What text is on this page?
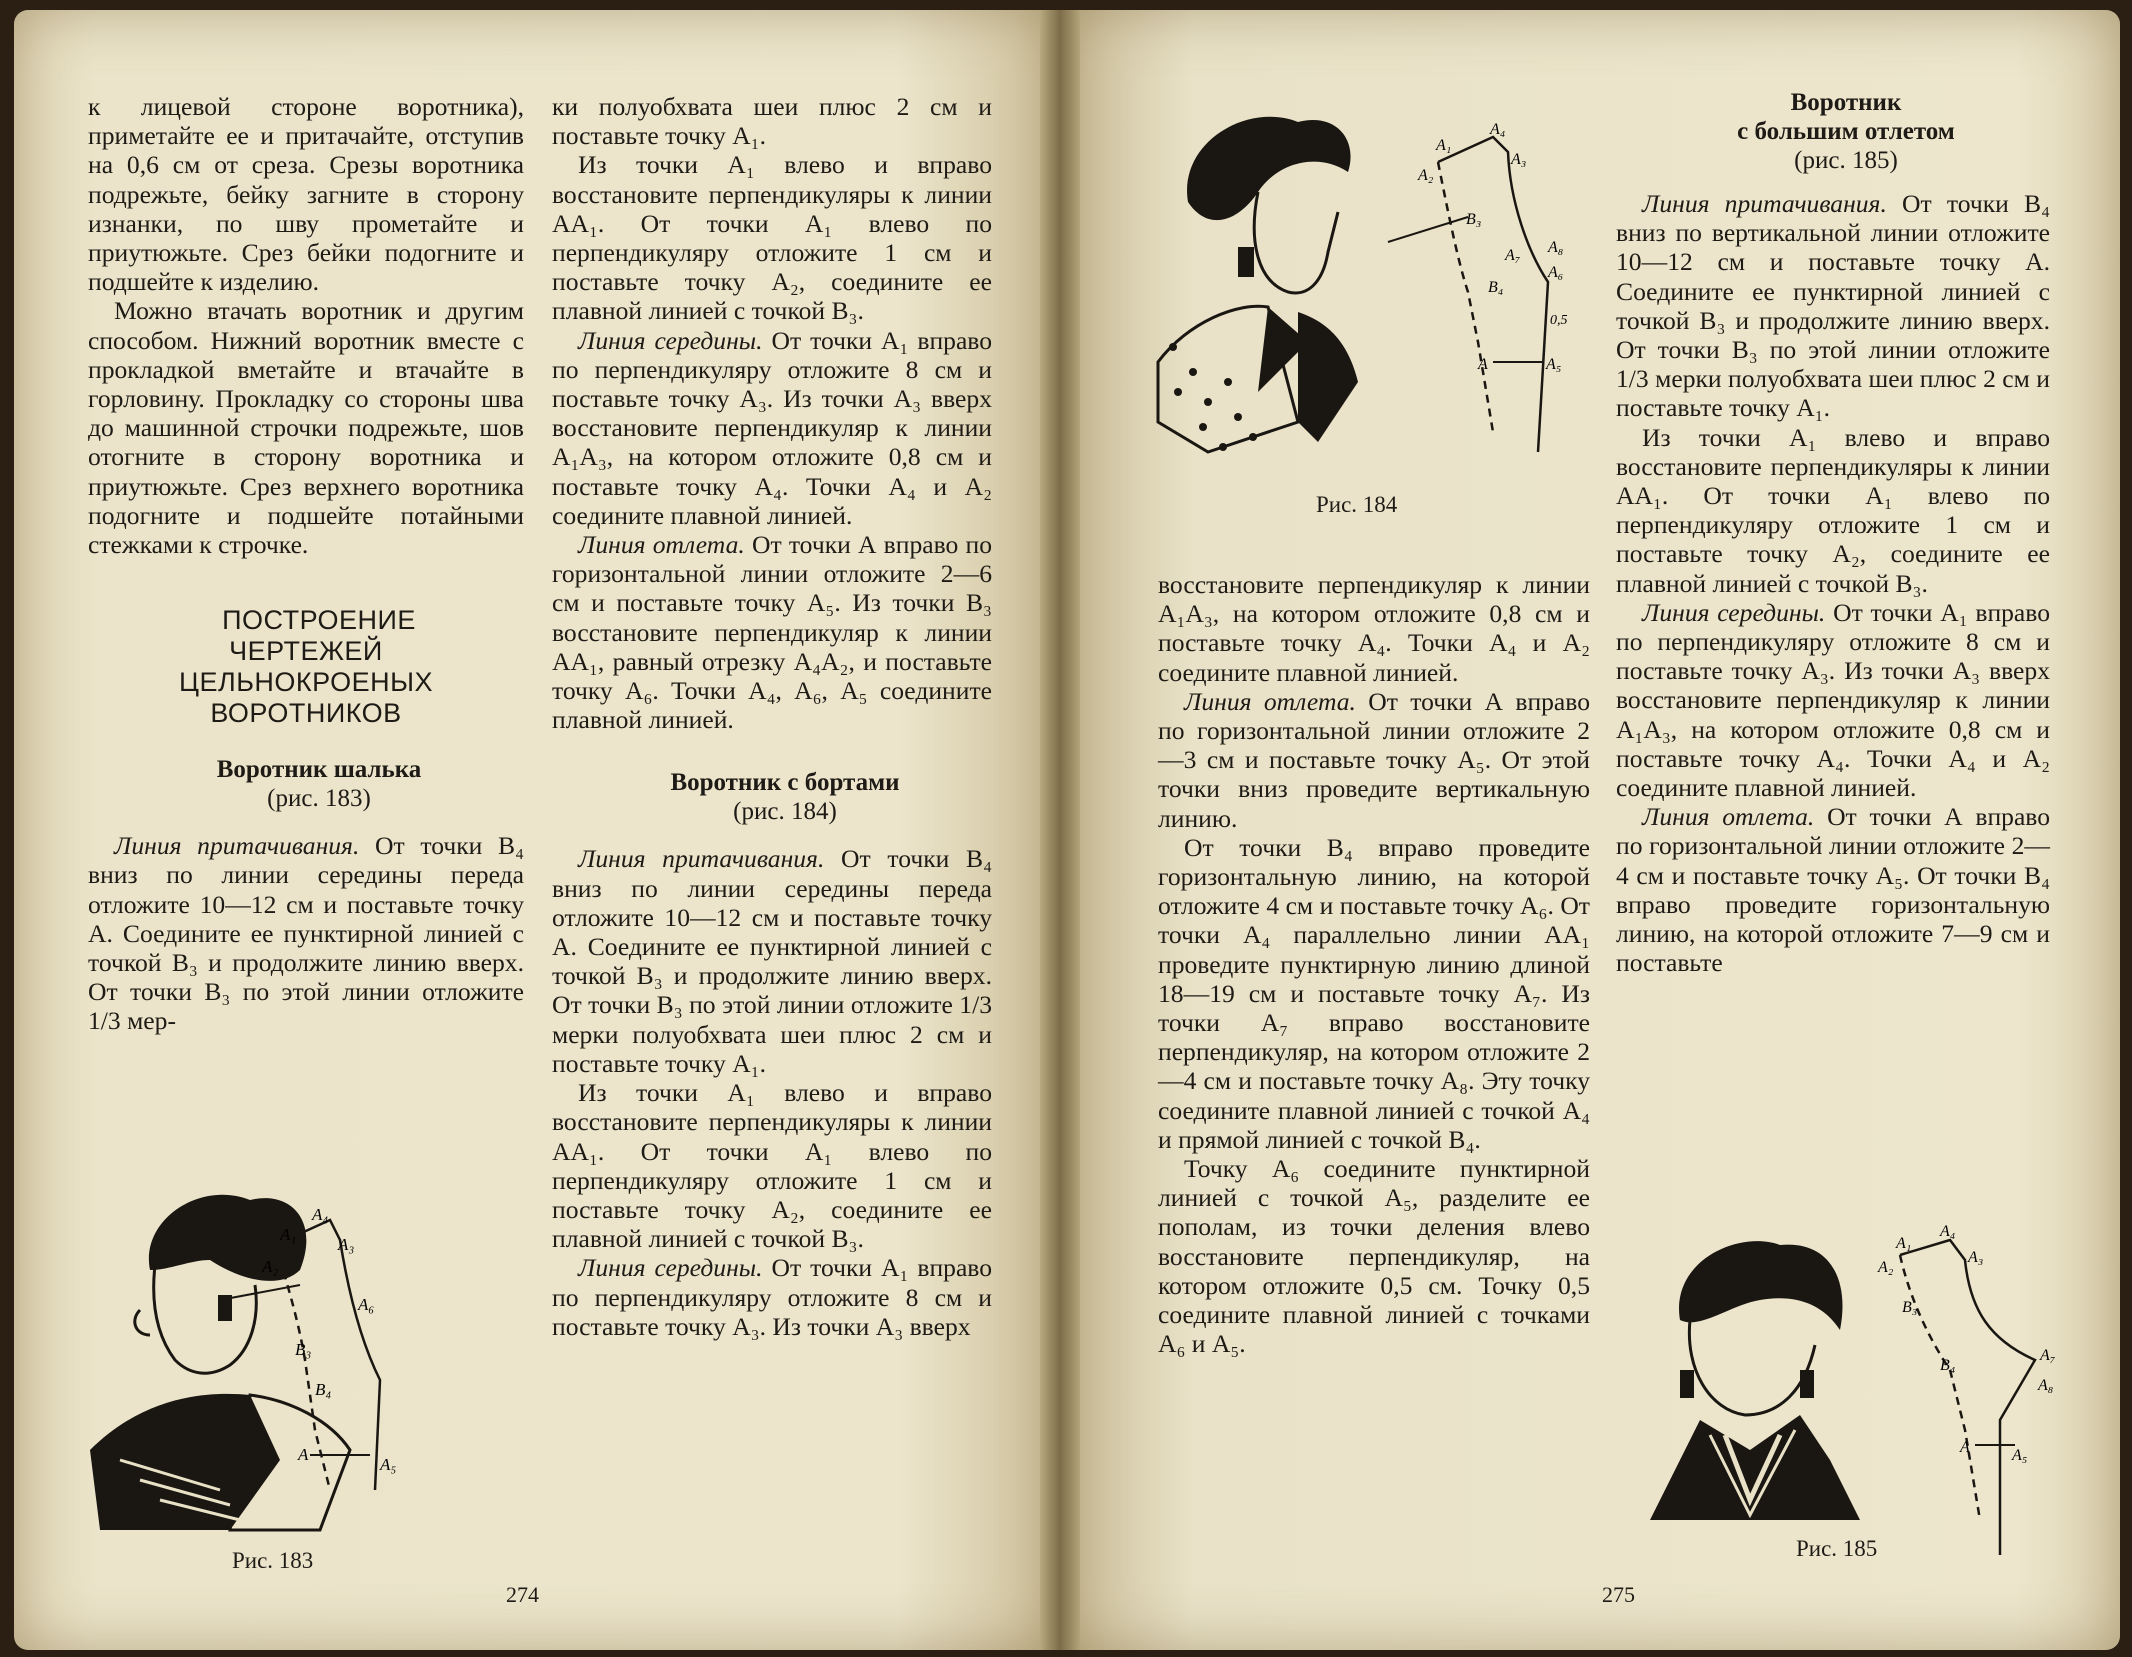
к лицевой стороне воротника), приметайте ее и притачайте, отступив на 0,6 см от среза. Срезы воротника подрежьте, бейку загните в сторону изнанки, по шву прометайте и приутюжьте. Срез бейки подогните и подшейте к изделию.

Можно втачать воротник и другим способом. Нижний воротник вместе с прокладкой вметайте и втачайте в горловину. Прокладку со стороны шва до машинной строчки подрежьте, шов отогните в сторону воротника и приутюжьте. Срез верхнего воротника подогните и подшейте потайными стежками к строчке.

ПОСТРОЕНИЕ ЧЕРТЕЖЕЙ ЦЕЛЬНОКРОЕНЫХ ВОРОТНИКОВ

Воротник шалька

(рис. 183)

Линия притачивания. От точки В₄ вниз по линии середины переда отложите 10—12 см и поставьте точку А. Соедините ее пунктирной линией с точкой В₃ и продолжите линию вверх. От точки В₃ по этой линии отложите 1/3 мер-

A₁
A₄
A₃
A₂
A₆
B₃
B₄
A
A₅
Рис. 183

ки полуобхвата шеи плюс 2 см и поставьте точку А₁.

Из точки А₁ влево и вправо восстановите перпендикуляры к линии АА₁. От точки А₁ влево по перпендикуляру отложите 1 см и поставьте точку А₂, соедините ее плавной линией с точкой В₃.

Линия середины. От точки А₁ вправо по перпендикуляру отложите 8 см и поставьте точку А₃. Из точки А₃ вверх восстановите перпендикуляр к линии А₁А₃, на котором отложите 0,8 см и поставьте точку А₄. Точки А₄ и А₂ соедините плавной линией.

Линия отлета. От точки А вправо по горизонтальной линии отложите 2—6 см и поставьте точку А₅. Из точки В₃ восстановите перпендикуляр к линии АА₁, равный отрезку А₄А₂, и поставьте точку А₆. Точки А₄, А₆, А₅ соедините плавной линией.

Воротник с бортами

(рис. 184)

Линия притачивания. От точки В₄ вниз по линии середины переда отложите 10—12 см и поставьте точку А. Соедините ее пунктирной линией с точкой В₃ и продолжите линию вверх. От точки В₃ по этой линии отложите 1/3 мерки полуобхвата шеи плюс 2 см и поставьте точку А₁.

Из точки А₁ влево и вправо восстановите перпендикуляры к линии АА₁. От точки А₁ влево по перпендикуляру отложите 1 см и поставьте точку А₂, соедините ее плавной линией с точкой В₃.

Линия середины. От точки А₁ вправо по перпендикуляру отложите 8 см и поставьте точку А₃. Из точки А₃ вверх

274
A₁
A₄
A₃
A₂
B₃
A₇ A₈
A₆
B₄
0,5
A	A₅
Рис. 184

восстановите перпендикуляр к линии А₁А₃, на котором отложите 0,8 см и поставьте точку А₄. Точки А₄ и А₂ соедините плавной линией.

Линия отлета. От точки А вправо по горизонтальной линии отложите 2—3 см и поставьте точку А₅. От этой точки вниз проведите вертикальную линию.

От точки В₄ вправо проведите горизонтальную линию, на которой отложите 4 см и поставьте точку А₆. От точки А₄ параллельно линии АА₁ проведите пунктирную линию длиной 18—19 см и поставьте точку А₇. Из точки А₇ вправо восстановите перпендикуляр, на котором отложите 2—4 см и поставьте точку А₈. Эту точку соедините плавной линией с точкой А₄ и прямой линией с точкой В₄.

Точку А₆ соедините пунктирной линией с точкой А₅, разделите ее пополам, из точки деления влево восстановите перпендикуляр, на котором отложите 0,5 см. Точку 0,5 соедините плавной линией с точками А₆ и А₅.

275

Воротник

с большим отлетом

(рис. 185)

Линия притачивания. От точки В₄ вниз по вертикальной линии отложите 10—12 см и поставьте точку А. Соедините ее пунктирной линией с точкой В₃ и продолжите линию вверх. От точки В₃ по этой линии отложите 1/3 мерки полуобхвата шеи плюс 2 см и поставьте точку А₁.

Из точки А₁ влево и вправо восстановите перпендикуляры к линии АА₁. От точки А₁ влево по перпендикуляру отложите 1 см и поставьте точку А₂, соедините ее плавной линией с точкой В₃.

Линия середины. От точки А₁ вправо по перпендикуляру отложите 8 см и поставьте точку А₃. Из точки А₃ вверх восстановите перпендикуляр к линии А₁А₃, на котором отложите 0,8 см и поставьте точку А₄. Точки А₄ и А₂ соедините плавной линией.

Линия отлета. От точки А вправо по горизонтальной линии отложите 2—4 см и поставьте точку А₅. От точки В₄ вправо проведите горизонтальную линию, на которой отложите 7—9 см и поставьте

A₁
A₄
A₃
A₂
B₃
B₄
A₇
A₈
A	A₅
Рис. 185
